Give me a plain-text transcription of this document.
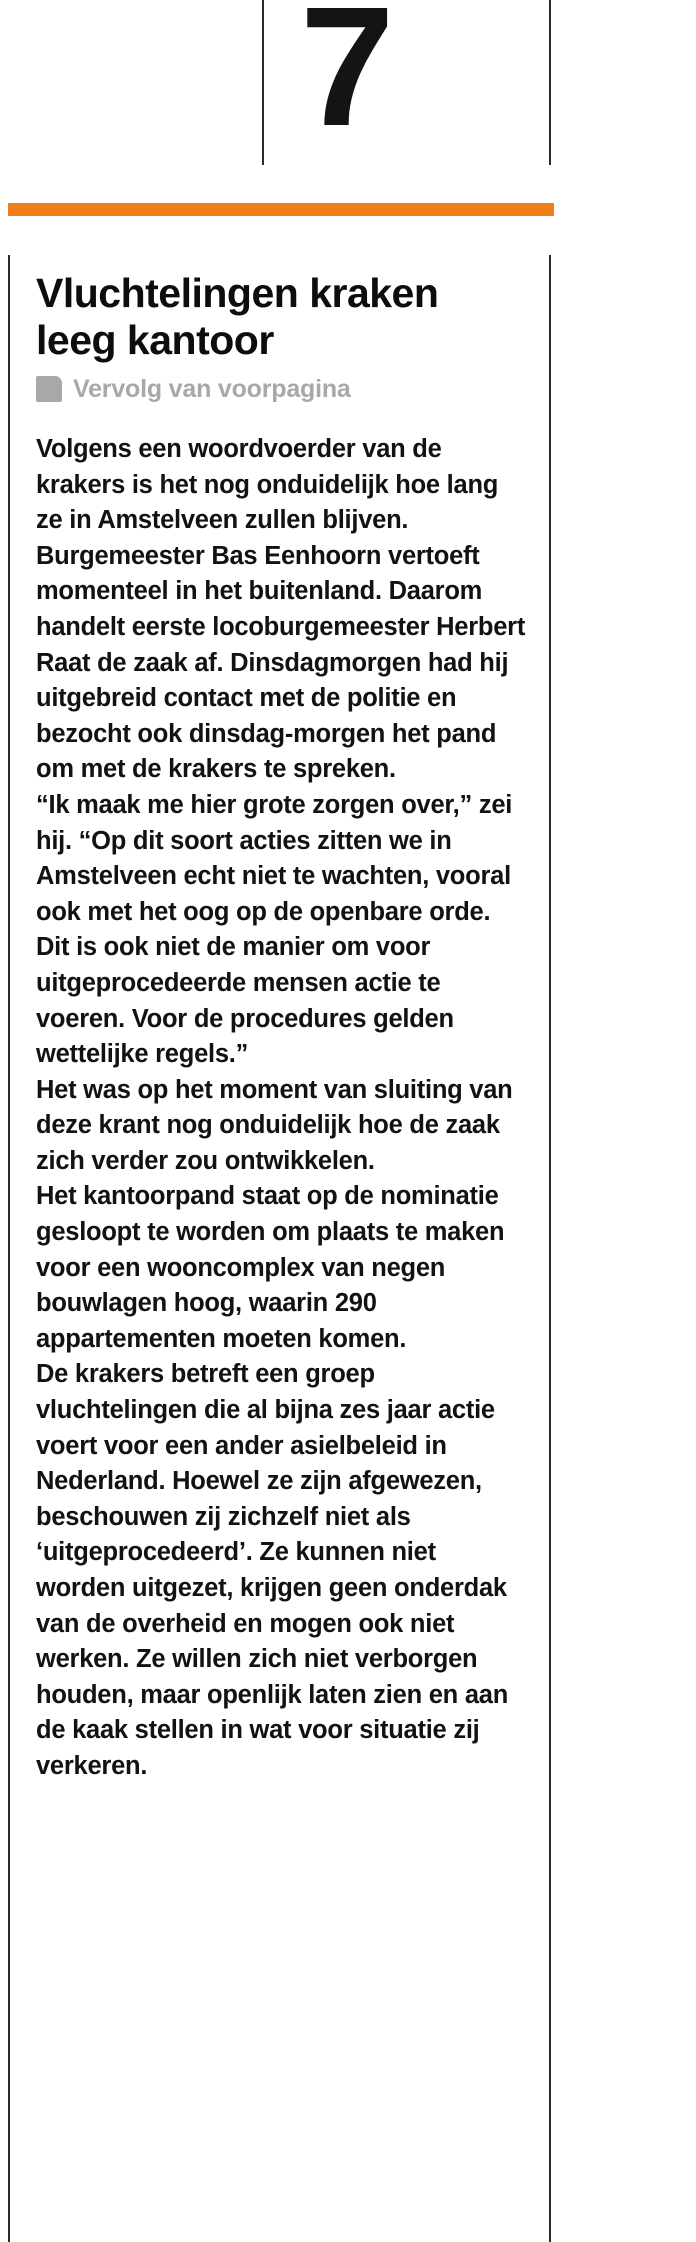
7
Vluchtelingen kraken leeg kantoor
Vervolg van voorpagina

Volgens een woordvoerder van de krakers is het nog onduidelijk hoe lang ze in Amstelveen zullen blijven. Burgemeester Bas Eenhoorn vertoeft momenteel in het buitenland. Daarom handelt eerste locoburgemeester Herbert Raat de zaak af. Dinsdagmorgen had hij uitgebreid contact met de politie en bezocht ook dinsdag-morgen het pand om met de krakers te spreken.

“Ik maak me hier grote zorgen over,” zei hij. “Op dit soort acties zitten we in Amstelveen echt niet te wachten, vooral ook met het oog op de openbare orde. Dit is ook niet de manier om voor uitgeprocedeerde mensen actie te voeren. Voor de procedures gelden wettelijke regels.”

Het was op het moment van sluiting van deze krant nog onduidelijk hoe de zaak zich verder zou ontwikkelen.

Het kantoorpand staat op de nominatie gesloopt te worden om plaats te maken voor een wooncomplex van negen bouwlagen hoog, waarin 290 appartementen moeten komen.

De krakers betreft een groep vluchtelingen die al bijna zes jaar actie voert voor een ander asielbeleid in Nederland. Hoewel ze zijn afgewezen, beschouwen zij zichzelf niet als ‘uitgeprocedeerd’. Ze kunnen niet worden uitgezet, krijgen geen onderdak van de overheid en mogen ook niet werken. Ze willen zich niet verborgen houden, maar openlijk laten zien en aan de kaak stellen in wat voor situatie zij verkeren.
